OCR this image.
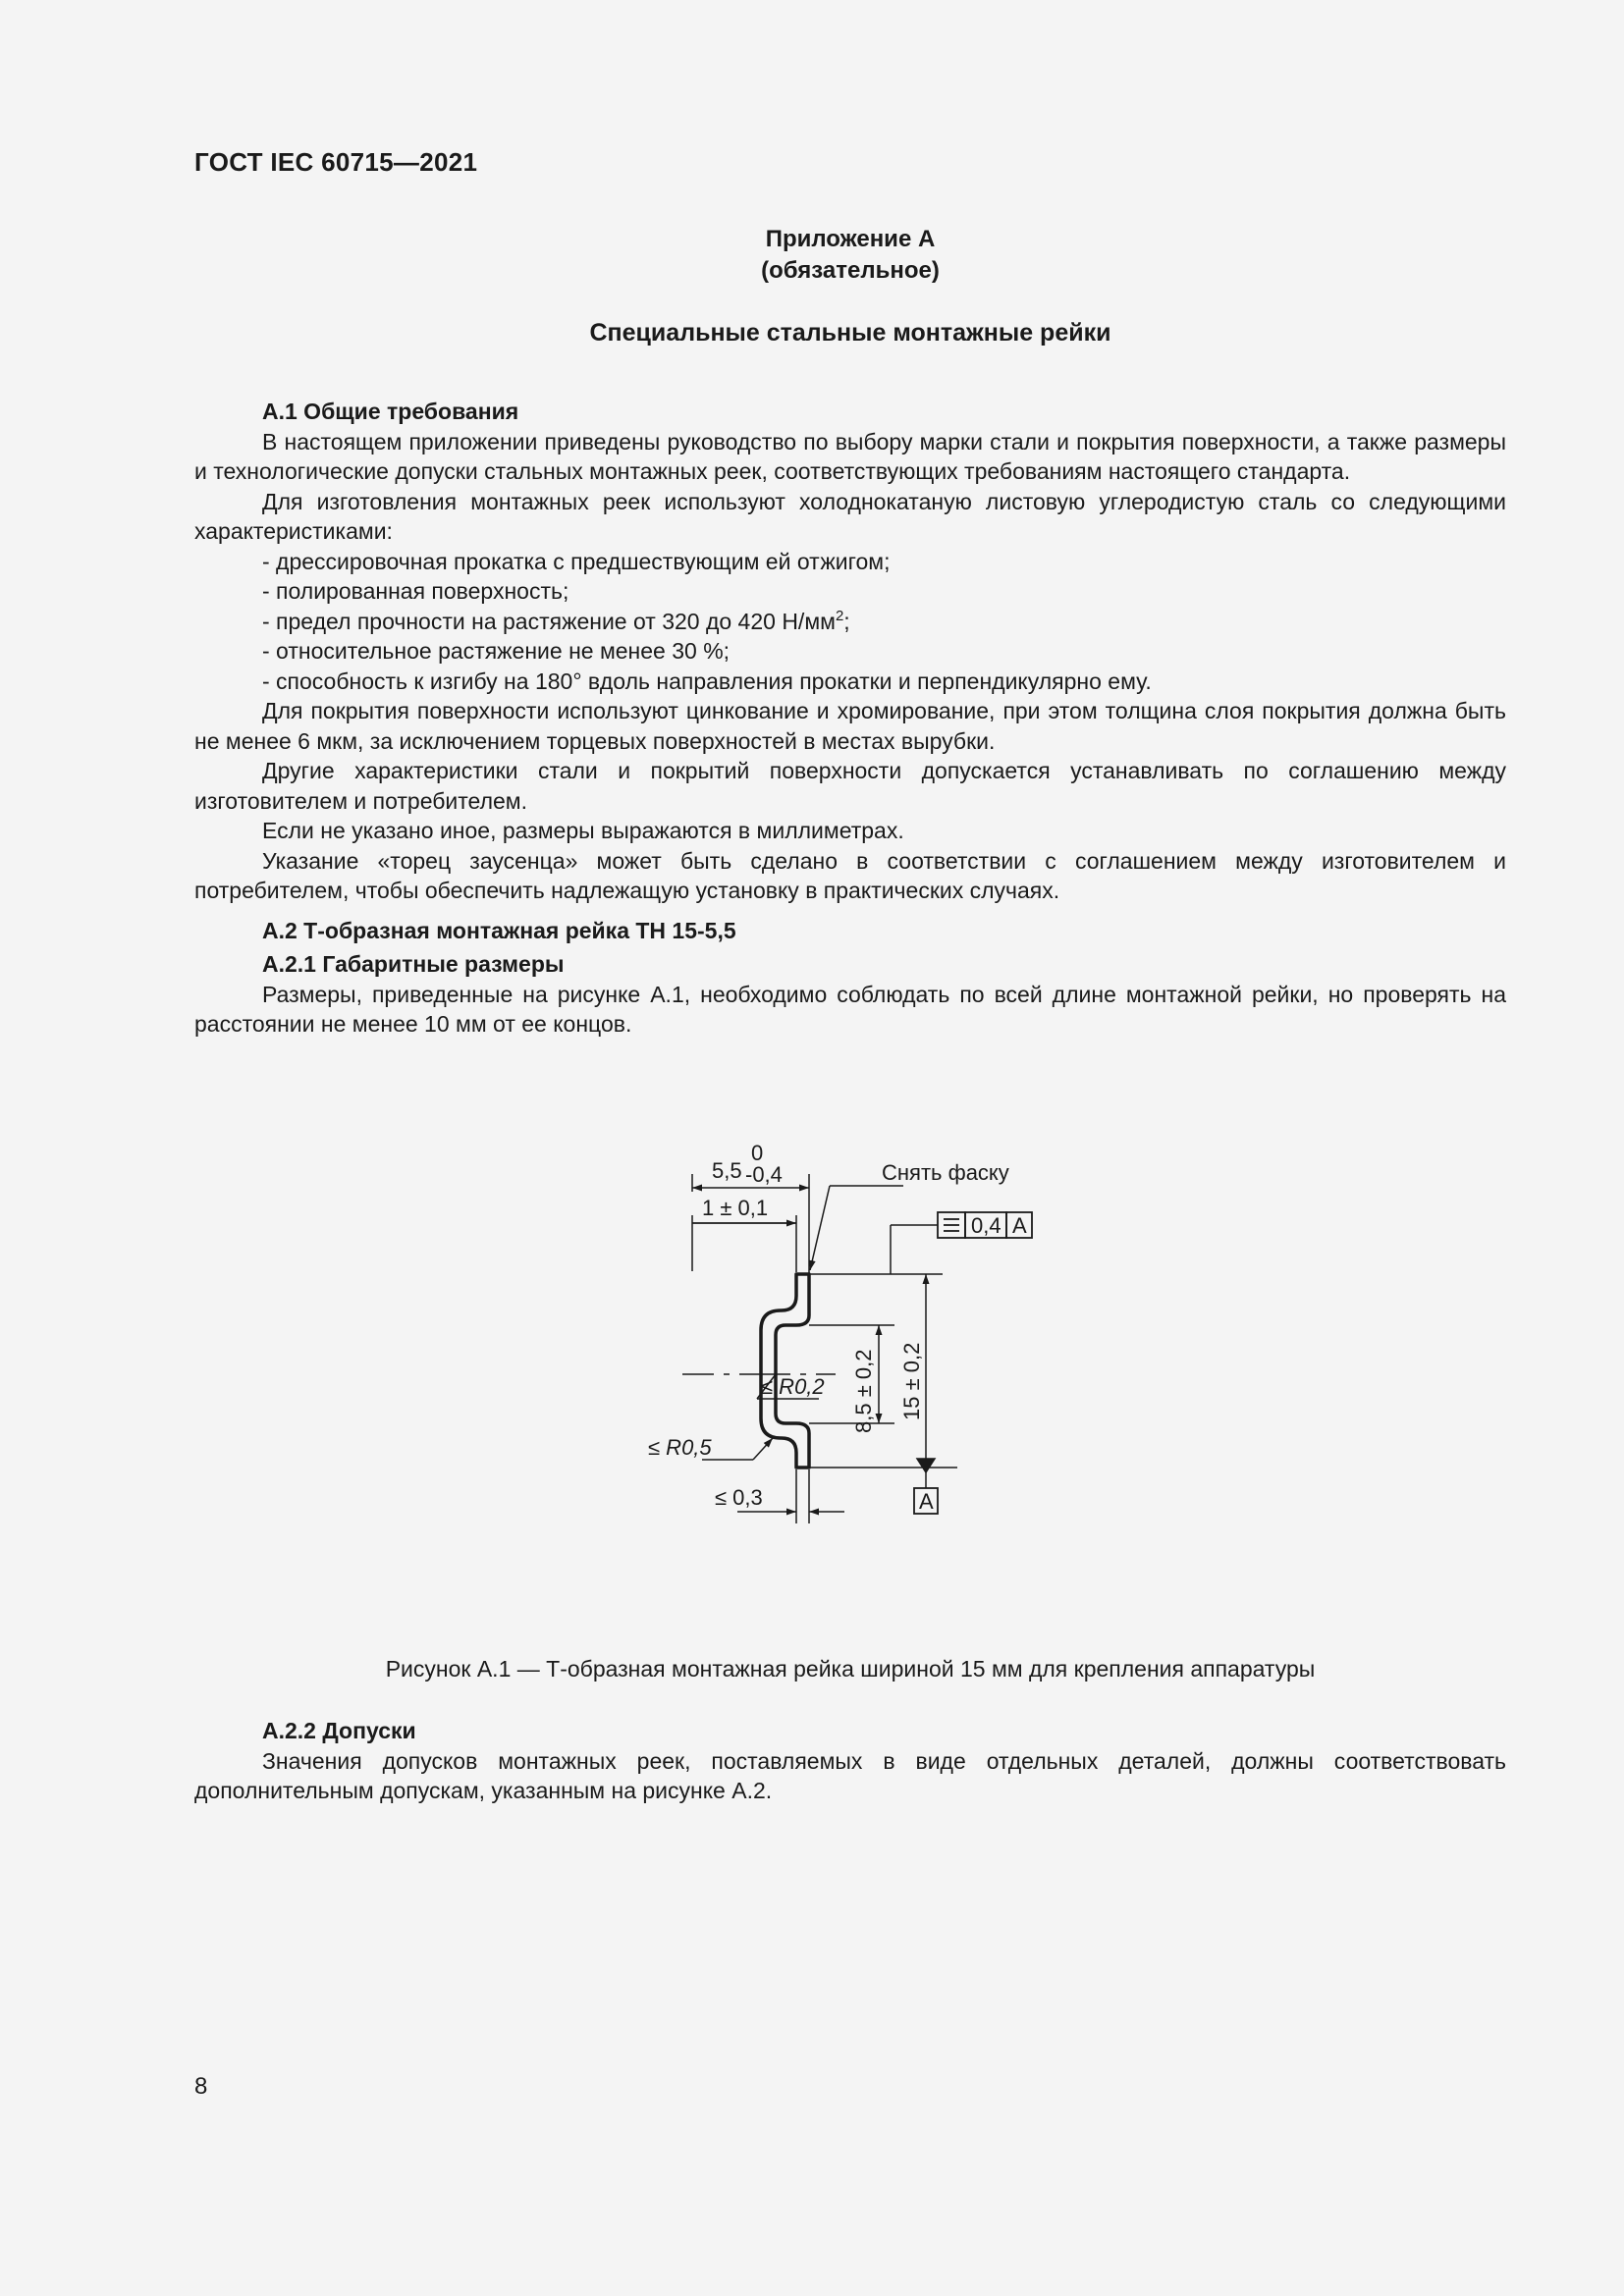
ГОСТ IEC 60715—2021
Приложение А
(обязательное)
Специальные стальные монтажные рейки
А.1 Общие требования

В настоящем приложении приведены руководство по выбору марки стали и покрытия поверхности, а также размеры и технологические допуски стальных монтажных реек, соответствующих требованиям настоящего стандарта.

Для изготовления монтажных реек используют холоднокатаную листовую углеродистую сталь со следующими характеристиками:

- дрессировочная прокатка с предшествующим ей отжигом;
- полированная поверхность;
- предел прочности на растяжение от 320 до 420 $Н/мм^2$;
- относительное растяжение не менее 30 %;
- способность к изгибу на 180° вдоль направления прокатки и перпендикулярно ему.

Для покрытия поверхности используют цинкование и хромирование, при этом толщина слоя покрытия должна быть не менее 6 мкм, за исключением торцевых поверхностей в местах вырубки.

Другие характеристики стали и покрытий поверхности допускается устанавливать по соглашению между изготовителем и потребителем.

Если не указано иное, размеры выражаются в миллиметрах.

Указание «торец заусенца» может быть сделано в соответствии с соглашением между изготовителем и потребителем, чтобы обеспечить надлежащую установку в практических случаях.

А.2 Т-образная монтажная рейка ТН 15-5,5
А.2.1 Габаритные размеры

Размеры, приведенные на рисунке А.1, необходимо соблюдать по всей длине монтажной рейки, но проверять на расстоянии не менее 10 мм от ее концов.

5,5
0
-0,4
1 ± 0,1
Снять фаску
0,4 A
8,5 ± 0,2 15 ± 0,2
≤ R0,2
≤ R0,5
≤ 0,3	A
Рисунок А.1 — Т-образная монтажная рейка шириной 15 мм для крепления аппаратуры
А.2.2 Допуски

Значения допусков монтажных реек, поставляемых в виде отдельных деталей, должны соответствовать дополнительным допускам, указанным на рисунке А.2.

8
